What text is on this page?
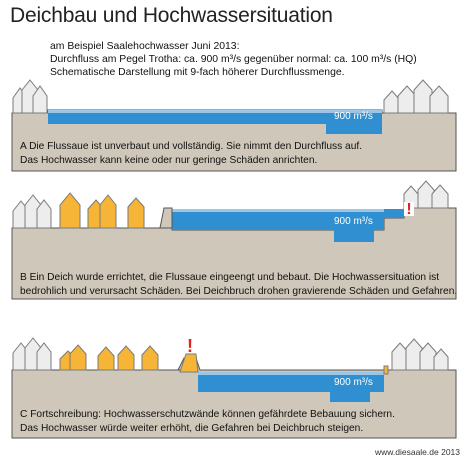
Deichbau und Hochwassersituation
am Beispiel Saalehochwasser Juni 2013:
Durchfluss am Pegel Trotha: ca. 900 m³/s gegenüber normal: ca. 100 m³/s (HQ)
Schematische Darstellung mit 9-fach höherer Durchflussmenge.
900 m³/s
A Die Flussaue ist unverbaut und vollständig. Sie nimmt den Durchfluss auf.
Das Hochwasser kann keine oder nur geringe Schäden anrichten.
!
900 m³/s
B Ein Deich wurde errichtet, die Flussaue eingeengt und bebaut. Die Hochwassersituation ist
bedrohlich und verursacht Schäden. Bei Deichbruch drohen gravierende Schäden und Gefahren.
!
900 m³/s
C Fortschreibung: Hochwasserschutzwände können gefährdete Bebauung sichern.
Das Hochwasser würde weiter erhöht, die Gefahren bei Deichbruch steigen.
www.diesaale.de 2013
